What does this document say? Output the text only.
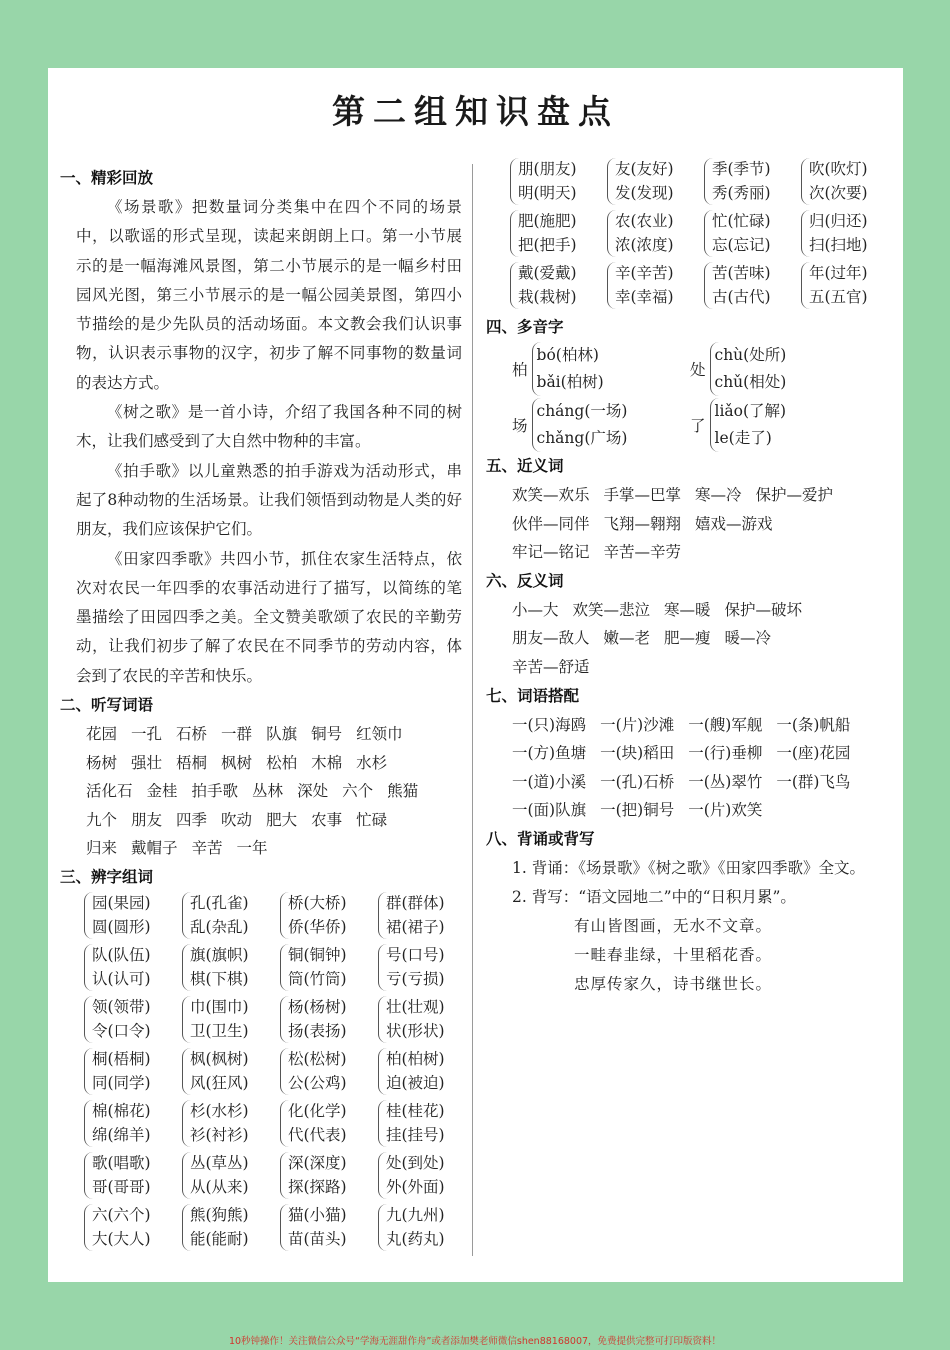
第二组知识盘点
一、精彩回放

《场景歌》把数量词分类集中在四个不同的场景中，以歌谣的形式呈现，读起来朗朗上口。第一小节展示的是一幅海滩风景图，第二小节展示的是一幅乡村田园风光图，第三小节展示的是一幅公园美景图，第四小节描绘的是少先队员的活动场面。本文教会我们认识事物，认识表示事物的汉字，初步了解不同事物的数量词的表达方式。

《树之歌》是一首小诗，介绍了我国各种不同的树木，让我们感受到了大自然中物种的丰富。

《拍手歌》以儿童熟悉的拍手游戏为活动形式，串起了8种动物的生活场景。让我们领悟到动物是人类的好朋友，我们应该保护它们。

《田家四季歌》共四小节，抓住农家生活特点，依次对农民一年四季的农事活动进行了描写，以简练的笔墨描绘了田园四季之美。全文赞美歌颂了农民的辛勤劳动，让我们初步了解了农民在不同季节的劳动内容，体会到了农民的辛苦和快乐。

二、听写词语
花园 一孔 石桥 一群 队旗 铜号 红领巾
杨树 强壮 梧桐 枫树 松柏 木棉 水杉
活化石 金桂 拍手歌 丛林 深处 六个 熊猫
九个 朋友 四季 吹动 肥大 农事 忙碌
归来 戴帽子 辛苦 一年
三、辨字组词
园(果园)
圆(圆形)
孔(孔雀)
乱(杂乱)
桥(大桥)
侨(华侨)
群(群体)
裙(裙子)
队(队伍)
认(认可)
旗(旗帜)
棋(下棋)
铜(铜钟)
筒(竹筒)
号(口号)
亏(亏损)
领(领带)
令(口令)
巾(围巾)
卫(卫生)
杨(杨树)
扬(表扬)
壮(壮观)
状(形状)
桐(梧桐)
同(同学)
枫(枫树)
风(狂风)
松(松树)
公(公鸡)
柏(柏树)
迫(被迫)
棉(棉花)
绵(绵羊)
杉(水杉)
衫(衬衫)
化(化学)
代(代表)
桂(桂花)
挂(挂号)
歌(唱歌)
哥(哥哥)
丛(草丛)
从(从来)
深(深度)
探(探路)
处(到处)
外(外面)
六(六个)
大(大人)
熊(狗熊)
能(能耐)
猫(小猫)
苗(苗头)
九(九州)
丸(药丸)
朋(朋友)
明(明天)
友(友好)
发(发现)
季(季节)
秀(秀丽)
吹(吹灯)
次(次要)
肥(施肥)
把(把手)
农(农业)
浓(浓度)
忙(忙碌)
忘(忘记)
归(归还)
扫(扫地)
戴(爱戴)
栽(栽树)
辛(辛苦)
幸(幸福)
苦(苦味)
古(古代)
年(过年)
五(五官)
四、多音字
柏
bó(柏林)
bǎi(柏树)
处
chù(处所)
chǔ(相处)
场
cháng(一场)
chǎng(广场)
了
liǎo(了解)
le(走了)
五、近义词
欢笑—欢乐 手掌—巴掌 寒—冷 保护—爱护
伙伴—同伴 飞翔—翱翔 嬉戏—游戏
牢记—铭记 辛苦—辛劳
六、反义词
小—大 欢笑—悲泣 寒—暖 保护—破坏
朋友—敌人 嫩—老 肥—瘦 暖—冷
辛苦—舒适
七、词语搭配
一(只)海鸥 一(片)沙滩 一(艘)军舰 一(条)帆船
一(方)鱼塘 一(块)稻田 一(行)垂柳 一(座)花园
一(道)小溪 一(孔)石桥 一(丛)翠竹 一(群)飞鸟
一(面)队旗 一(把)铜号 一(片)欢笑
八、背诵或背写
1. 背诵：《场景歌》《树之歌》《田家四季歌》全文。
2. 背写：“语文园地二”中的“日积月累”。
有山皆图画，无水不文章。
一畦春韭绿，十里稻花香。
忠厚传家久，诗书继世长。
10秒钟操作！关注微信公众号“学海无涯甜作舟”或者添加樊老师微信shen88168007，免费提供完整可打印版资料！
